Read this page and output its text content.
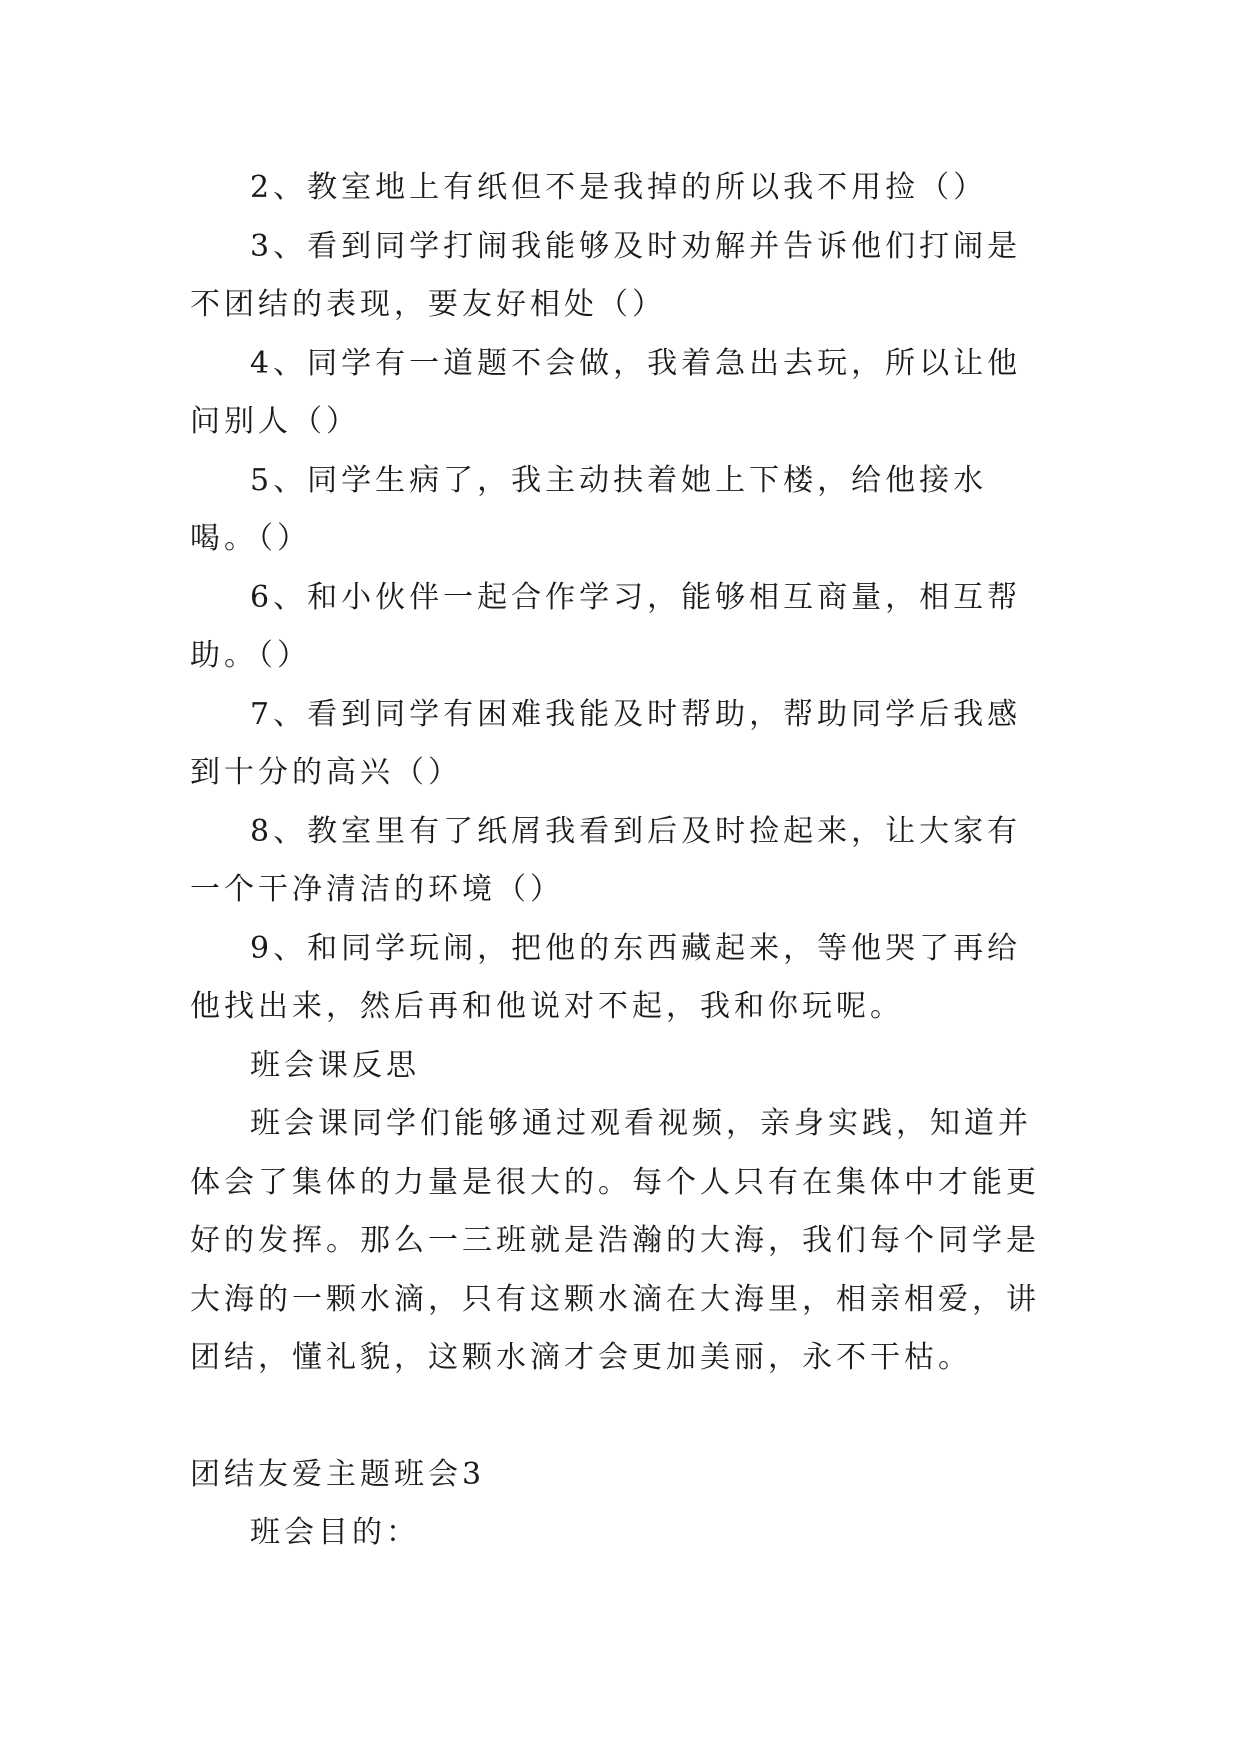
2、教室地上有纸但不是我掉的所以我不用捡（）

3、看到同学打闹我能够及时劝解并告诉他们打闹是不团结的表现，要友好相处（）

4、同学有一道题不会做，我着急出去玩，所以让他问别人（）

5、同学生病了，我主动扶着她上下楼，给他接水喝。（）

6、和小伙伴一起合作学习，能够相互商量，相互帮助。（）

7、看到同学有困难我能及时帮助，帮助同学后我感到十分的高兴（）

8、教室里有了纸屑我看到后及时捡起来，让大家有一个干净清洁的环境（）

9、和同学玩闹，把他的东西藏起来，等他哭了再给他找出来，然后再和他说对不起，我和你玩呢。

班会课反思

班会课同学们能够通过观看视频，亲身实践，知道并体会了集体的力量是很大的。每个人只有在集体中才能更好的发挥。那么一三班就是浩瀚的大海，我们每个同学是大海的一颗水滴，只有这颗水滴在大海里，相亲相爱，讲团结，懂礼貌，这颗水滴才会更加美丽，永不干枯。

团结友爱主题班会3

班会目的：
